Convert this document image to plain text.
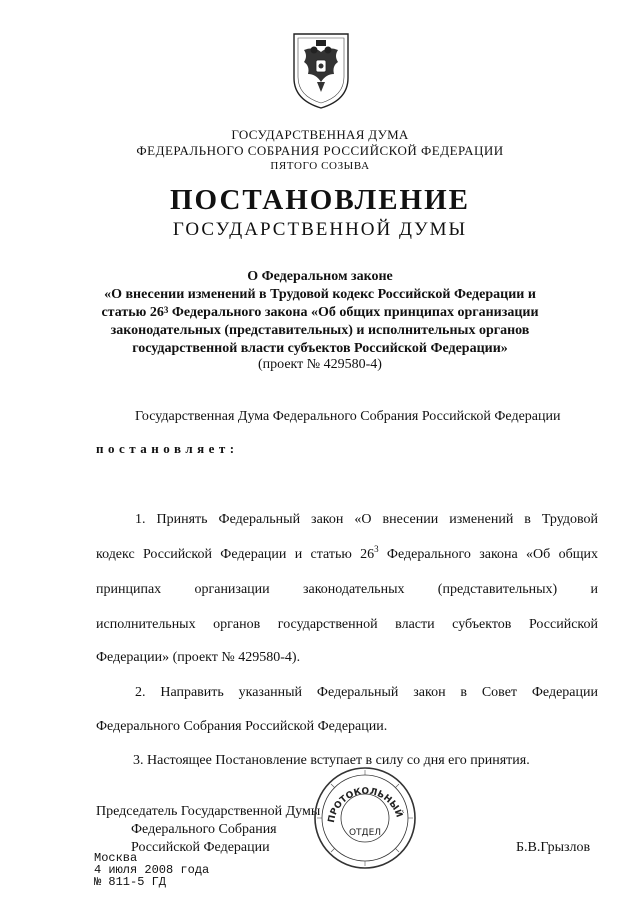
ГОСУДАРСТВЕННАЯ ДУМА
ФЕДЕРАЛЬНОГО СОБРАНИЯ РОССИЙСКОЙ ФЕДЕРАЦИИ
ПЯТОГО СОЗЫВА
ПОСТАНОВЛЕНИЕ
ГОСУДАРСТВЕННОЙ ДУМЫ
О Федеральном законе
«О внесении изменений в Трудовой кодекс Российской Федерации и
статью $26^3$ Федерального закона «Об общих принципах организации
законодательных (представительных) и исполнительных органов
государственной власти субъектов Российской Федерации»
(проект № 429580-4)
Государственная Дума Федерального Собрания Российской Федерации
постановляет:
1. Принять Федеральный закон «О внесении изменений в Трудовой
кодекс Российской Федерации и статью $26^3$ Федерального закона «Об общих
принципах организации законодательных (представительных) и
исполнительных органов государственной власти субъектов Российской
Федерации» (проект № 429580-4).
2. Направить указанный Федеральный закон в Совет Федерации
Федерального Собрания Российской Федерации.
3. Настоящее Постановление вступает в силу со дня его принятия.
Председатель Государственной Думы
Федерального Собрания
Российской Федерации	Б.В.Грызлов
ПРОТОКОЛЬНЫЙ
ОТДЕЛ
Москва
4 июля 2008 года
№ 811-5 ГД
